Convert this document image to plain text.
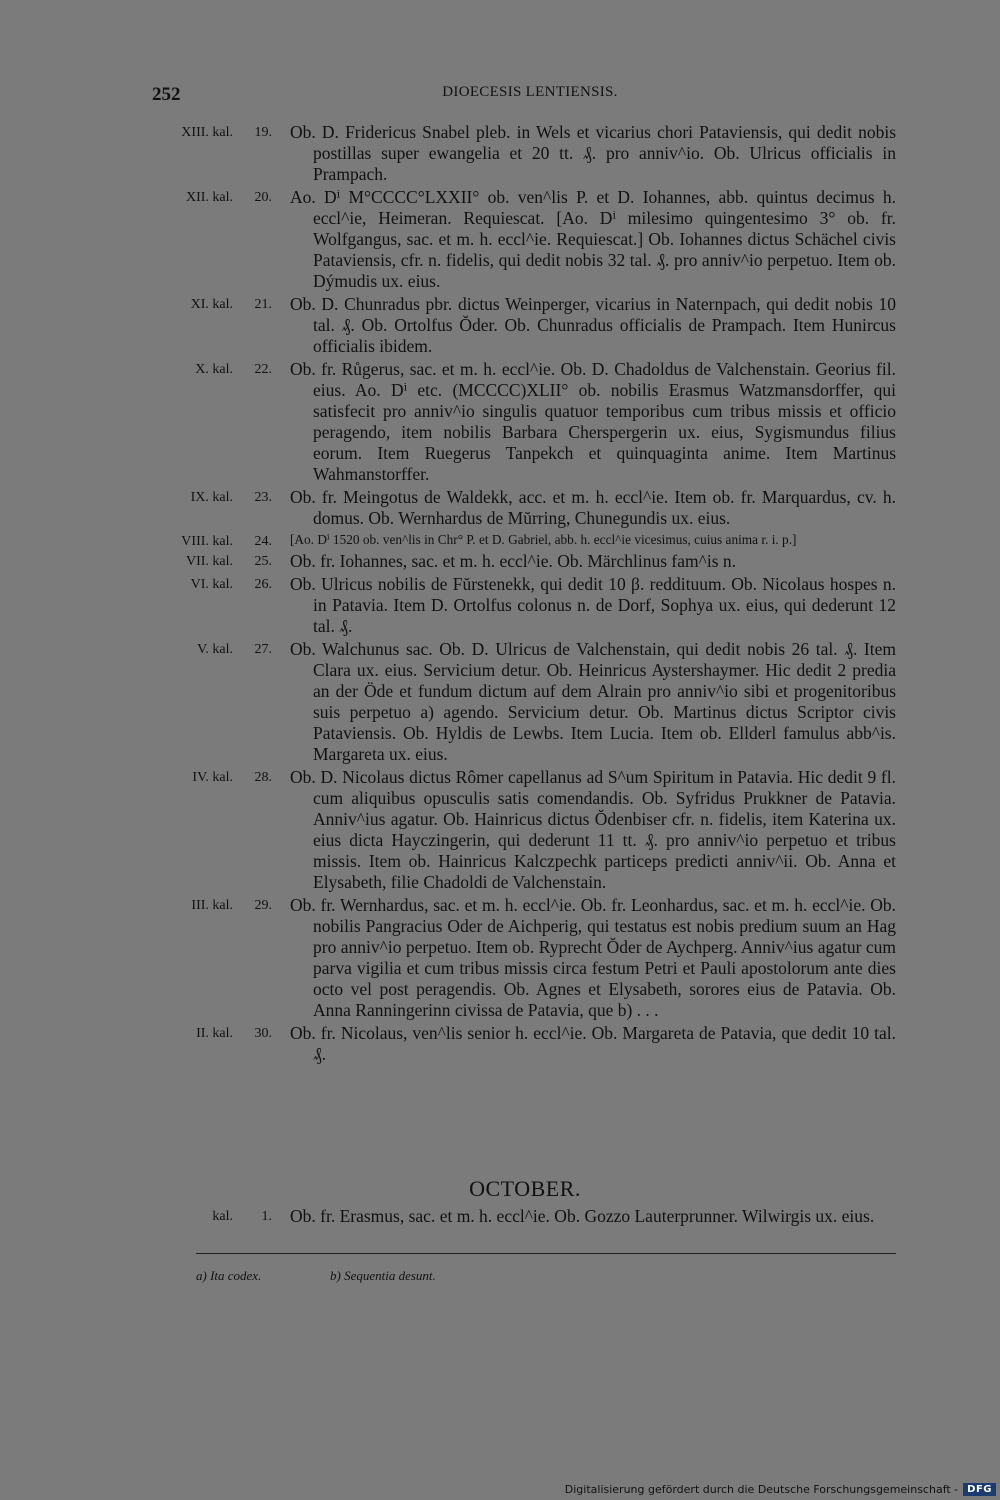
252	DIOECESIS LENTIENSIS.
XIII. kal.	19. Ob. D. Fridericus Snabel pleb. in Wels et vicarius chori Pataviensis, qui dedit nobis postillas super ewangelia et 20 tt. ₰. pro anniv^io. Ob. Ulricus officialis in Prampach.
XII. kal.	20. Ao. Dⁱ M°CCCC°LXXII° ob. ven^lis P. et D. Iohannes, abb. quintus decimus h. eccl^ie, Heimeran. Requiescat. [Ao. Dⁱ milesimo quingentesimo 3° ob. fr. Wolfgangus, sac. et m. h. eccl^ie. Requiescat.] Ob. Iohannes dictus Schächel civis Pataviensis, cfr. n. fidelis, qui dedit nobis 32 tal. ₰. pro anniv^io perpetuo. Item ob. Dýmudis ux. eius.
XI. kal.	21. Ob. D. Chunradus pbr. dictus Weinperger, vicarius in Naternpach, qui dedit nobis 10 tal. ₰. Ob. Ortolfus Ŏder. Ob. Chunradus officialis de Prampach. Item Hunircus officialis ibidem.
X. kal.	22. Ob. fr. Růgerus, sac. et m. h. eccl^ie. Ob. D. Chadoldus de Valchenstain. Georius fil. eius. Ao. Dⁱ etc. (MCCCC)XLII° ob. nobilis Erasmus Watzmansdorffer, qui satisfecit pro anniv^io singulis quatuor temporibus cum tribus missis et officio peragendo, item nobilis Barbara Cherspergerin ux. eius, Sygismundus filius eorum. Item Ruegerus Tanpekch et quinquaginta anime. Item Martinus Wahmanstorffer.
IX. kal.	23. Ob. fr. Meingotus de Waldekk, acc. et m. h. eccl^ie. Item ob. fr. Marquardus, cv. h. domus. Ob. Wernhardus de Mŭrring, Chunegundis ux. eius.
VIII. kal.	24. [Ao. Dⁱ 1520 ob. ven^lis in Chr° P. et D. Gabriel, abb. h. eccl^ie vicesimus, cuius anima r. i. p.]
VII. kal.	25. Ob. fr. Iohannes, sac. et m. h. eccl^ie. Ob. Märchlinus fam^is n.
VI. kal.	26. Ob. Ulricus nobilis de Fŭrstenekk, qui dedit 10 β. reddituum. Ob. Nicolaus hospes n. in Patavia. Item D. Ortolfus colonus n. de Dorf, Sophya ux. eius, qui dederunt 12 tal. ₰.
V. kal.	27. Ob. Walchunus sac. Ob. D. Ulricus de Valchenstain, qui dedit nobis 26 tal. ₰. Item Clara ux. eius. Servicium detur. Ob. Heinricus Aystershaymer. Hic dedit 2 predia an der Öde et fundum dictum auf dem Alrain pro anniv^io sibi et progenitoribus suis perpetuo a) agendo. Servicium detur. Ob. Martinus dictus Scriptor civis Pataviensis. Ob. Hyldis de Lewbs. Item Lucia. Item ob. Ellderl famulus abb^is. Margareta ux. eius.
IV. kal.	28. Ob. D. Nicolaus dictus Rômer capellanus ad S^um Spiritum in Patavia. Hic dedit 9 fl. cum aliquibus opusculis satis comendandis. Ob. Syfridus Prukkner de Patavia. Anniv^ius agatur. Ob. Hainricus dictus Ŏdenbiser cfr. n. fidelis, item Katerina ux. eius dicta Hayczingerin, qui dederunt 11 tt. ₰. pro anniv^io perpetuo et tribus missis. Item ob. Hainricus Kalczpechk particeps predicti anniv^ii. Ob. Anna et Elysabeth, filie Chadoldi de Valchenstain.
III. kal.	29. Ob. fr. Wernhardus, sac. et m. h. eccl^ie. Ob. fr. Leonhardus, sac. et m. h. eccl^ie. Ob. nobilis Pangracius Oder de Aichperig, qui testatus est nobis predium suum an Hag pro anniv^io perpetuo. Item ob. Ryprecht Ŏder de Aychperg. Anniv^ius agatur cum parva vigilia et cum tribus missis circa festum Petri et Pauli apostolorum ante dies octo vel post peragendis. Ob. Agnes et Elysabeth, sorores eius de Patavia. Ob. Anna Ranningerinn civissa de Patavia, que b) . . .
II. kal.	30. Ob. fr. Nicolaus, ven^lis senior h. eccl^ie. Ob. Margareta de Patavia, que dedit 10 tal. ₰.
OCTOBER.
kal.	1. Ob. fr. Erasmus, sac. et m. h. eccl^ie. Ob. Gozzo Lauterprunner. Wilwirgis ux. eius.
a) Ita codex.	b) Sequentia desunt.
Digitalisierung gefördert durch die Deutsche Forschungsgemeinschaft - DFG
